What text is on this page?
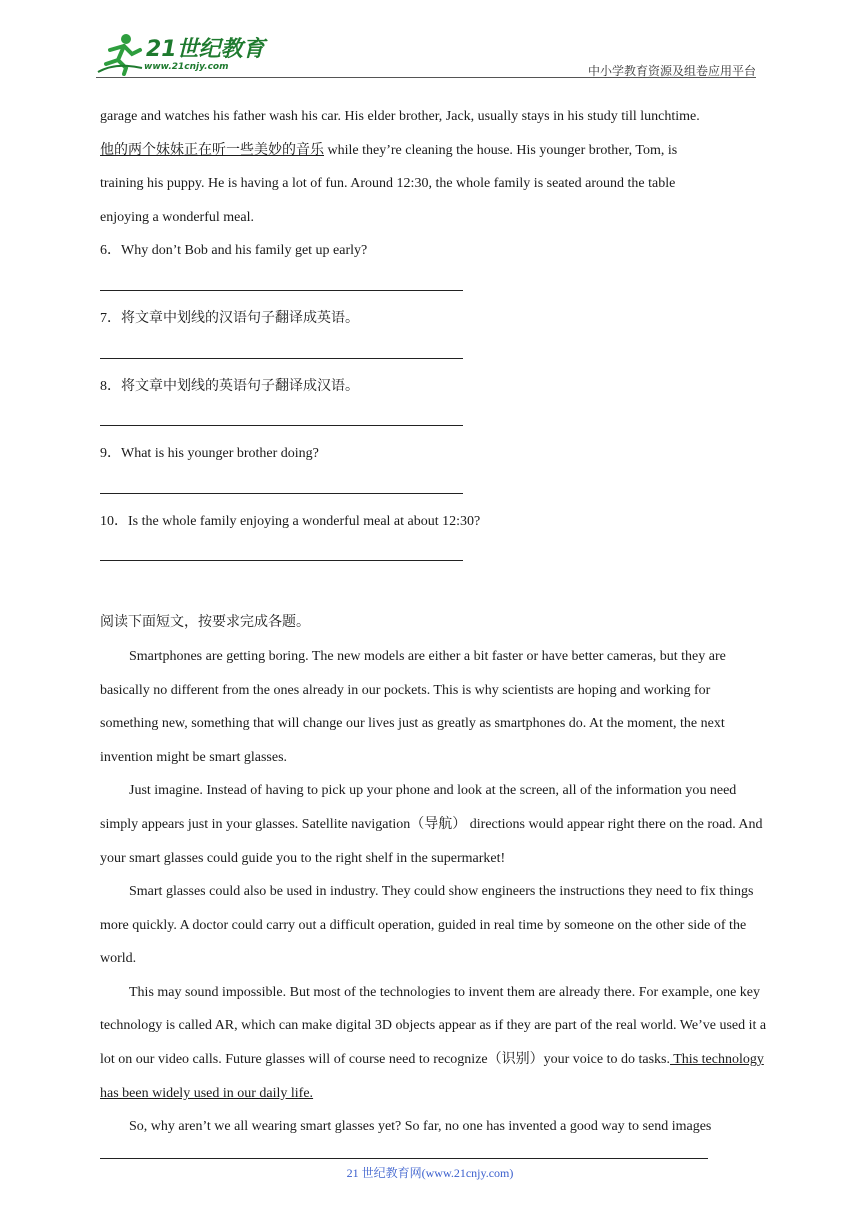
21世纪教育
www.21cnjy.com	中小学教育资源及组卷应用平台

garage and watches his father wash his car. His elder brother, Jack, usually stays in his study till lunchtime.

他的两个妹妹正在听一些美妙的音乐 while they’re cleaning the house. His younger brother, Tom, is

training his puppy. He is having a lot of fun. Around 12:30, the whole family is seated around the table

enjoying a wonderful meal.

6．Why don’t Bob and his family get up early?

7．将文章中划线的汉语句子翻译成英语。

8．将文章中划线的英语句子翻译成汉语。

9．What is his younger brother doing?

10．Is the whole family enjoying a wonderful meal at about 12:30?

阅读下面短文，按要求完成各题。

Smartphones are getting boring. The new models are either a bit faster or have better cameras, but they are basically no different from the ones already in our pockets. This is why scientists are hoping and working for something new, something that will change our lives just as greatly as smartphones do. At the moment, the next invention might be smart glasses.

Just imagine. Instead of having to pick up your phone and look at the screen, all of the information you need simply appears just in your glasses. Satellite navigation（导航） directions would appear right there on the road. And your smart glasses could guide you to the right shelf in the supermarket!

Smart glasses could also be used in industry. They could show engineers the instructions they need to fix things more quickly. A doctor could carry out a difficult operation, guided in real time by someone on the other side of the world.

This may sound impossible. But most of the technologies to invent them are already there. For example, one key technology is called AR, which can make digital 3D objects appear as if they are part of the real world. We’ve used it a lot on our video calls. Future glasses will of course need to recognize（识别）your voice to do tasks. This technology has been widely used in our daily life.

So, why aren’t we all wearing smart glasses yet? So far, no one has invented a good way to send images

21 世纪教育网(www.21cnjy.com)
